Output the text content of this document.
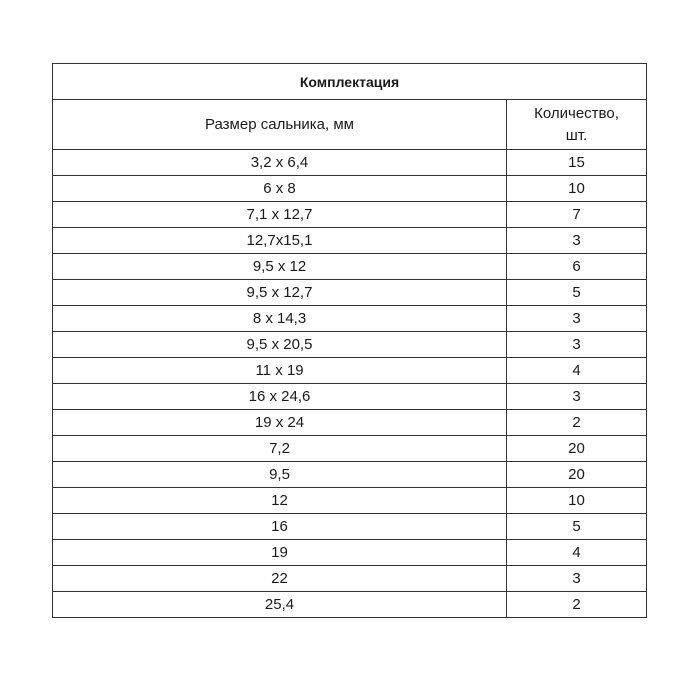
Комплектация	
Размер сальника, мм	Количество,
шт.
3,2 х 6,4	15
6 х 8	10
7,1 х 12,7	7
12,7х15,1	3
9,5 х 12	6
9,5 х 12,7	5
8 х 14,3	3
9,5 х 20,5	3
11 х 19	4
16 х 24,6	3
19 х 24	2
7,2	20
9,5	20
12	10
16	5
19	4
22	3
25,4	2
